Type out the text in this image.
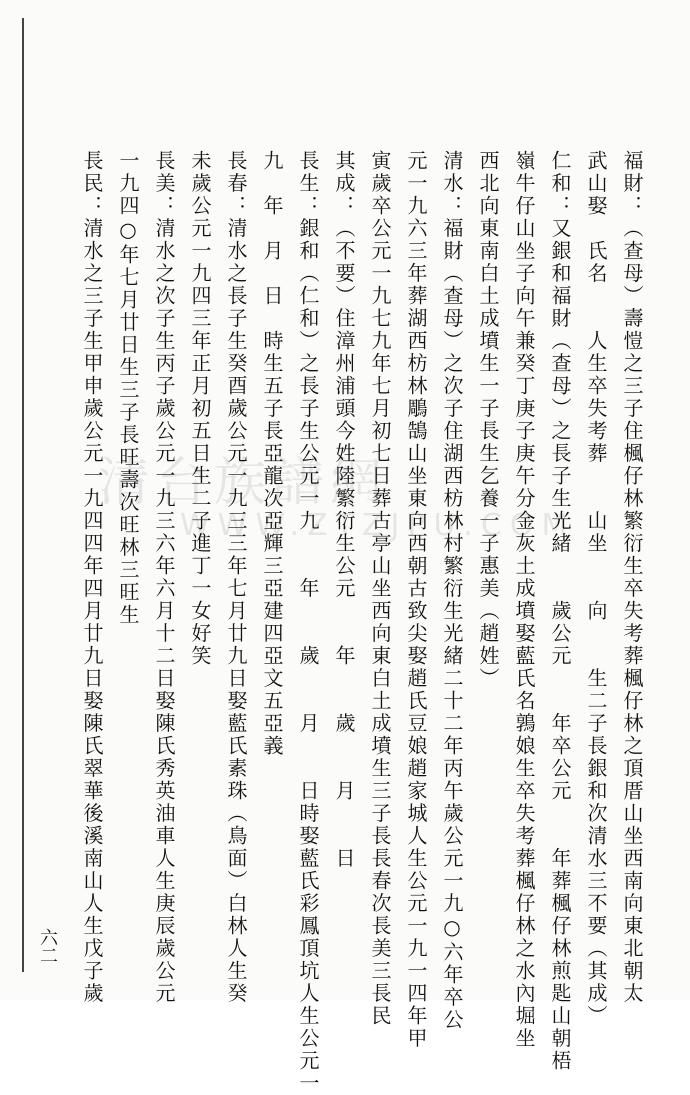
清台族譜網
WWW.ZTZJPU.COM 福財：（查母）壽愷之三子住楓仔林繁衍生卒失考葬楓仔林之頂厝山坐西南向東北朝太
武山娶　氏名　　人生卒失考葬　　山坐　　向　　生二子長銀和次清水三不要（其成）
仁和：又銀和福財（查母）之長子生光緒　　歲公元　　年卒公元　　年葬楓仔林煎匙山朝梧
嶺牛仔山坐子向午兼癸丁庚子庚午分金灰土成墳娶藍氏名鶉娘生卒失考葬楓仔林之水內堀坐
西北向東南白土成墳生一子長生乞養一子惠美（趙姓）
清水：福財（查母）之次子住湖西枋林村繁衍生光緒二十二年丙午歲公元一九○六年卒公
元一九六三年葬湖西枋林鵰鵠山坐東向西朝古致尖娶趙氏豆娘趙家城人生公元一九一四年甲
寅歲卒公元一九七九年七月初七日葬古亭山坐西向東白土成墳生三子長長春次長美三長民
其成：（不要）住漳州浦頭今姓陸繁衍生公元　　年　　歲　　月　　日
長生：銀和（仁和）之長子生公元一九　　年　　歲　　月　　日時娶藍氏彩鳳頂坑人生公元一
九　年　月　日　時生五子長亞龍次亞輝三亞建四亞文五亞義
長春：清水之長子生癸酉歲公元一九三三年七月廿九日娶藍氏素珠（鳥面）白林人生癸
未歲公元一九四三年正月初五日生二子進丁一女好笑
長美：清水之次子生丙子歲公元一九三六年六月十二日娶陳氏秀英油車人生庚辰歲公元
一九四○年七月廿日生三子長旺壽次旺林三旺生
長民：清水之三子生甲申歲公元一九四四年四月廿九日娶陳氏翠華後溪南山人生戊子歲
六二
